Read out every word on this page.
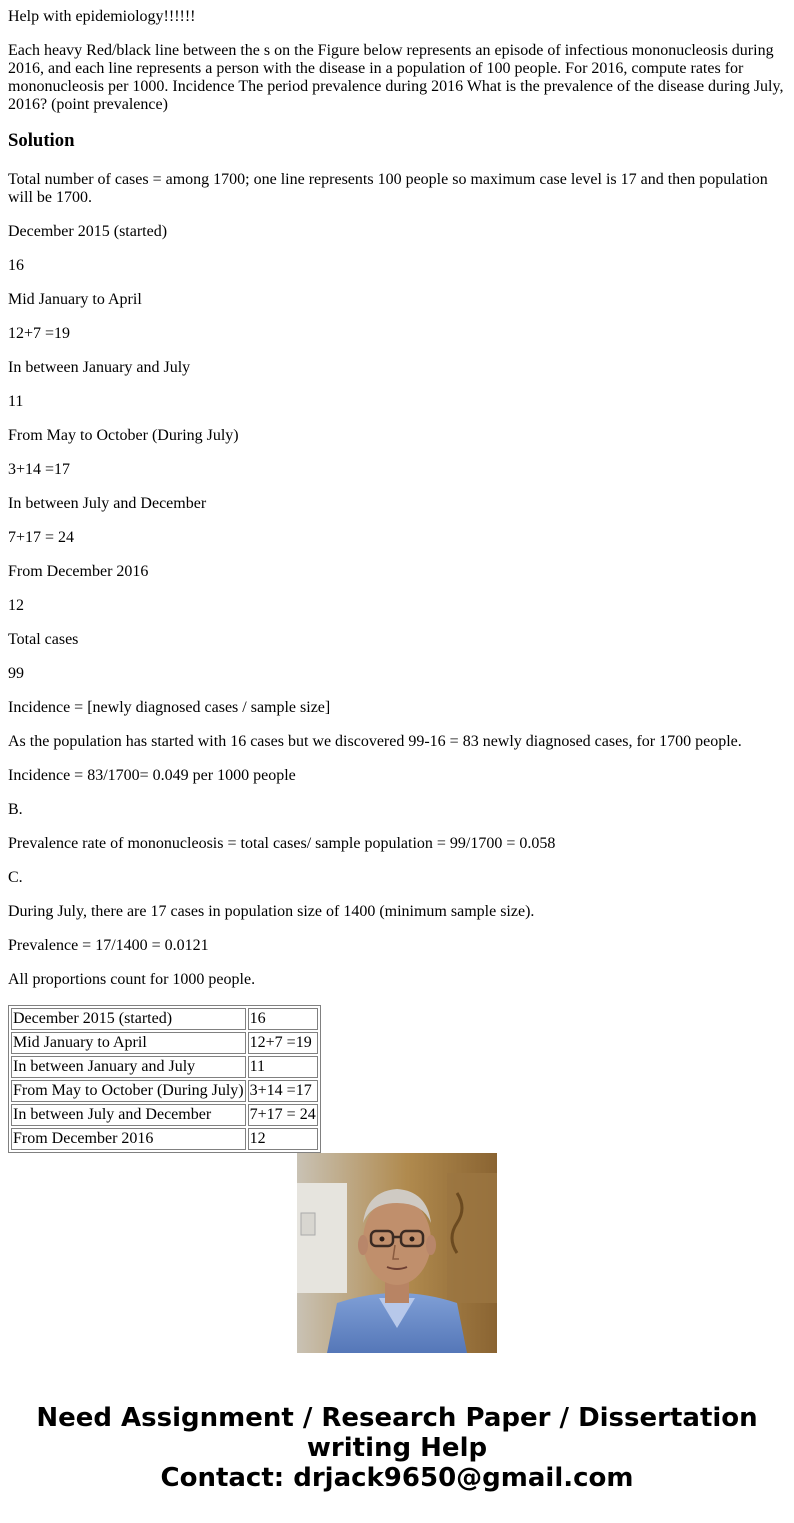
Help with epidemiology!!!!!!

Each heavy Red/black line between the s on the Figure below represents an episode of infectious mononucleosis during 2016, and each line represents a person with the disease in a population of 100 people. For 2016, compute rates for mononucleosis per 1000. Incidence The period prevalence during 2016 What is the prevalence of the disease during July, 2016? (point prevalence)

Solution

Total number of cases = among 1700; one line represents 100 people so maximum case level is 17 and then population will be 1700.

December 2015 (started)

16

Mid January to April

12+7 =19

In between January and July

11

From May to October (During July)

3+14 =17

In between July and December

7+17 = 24

From December 2016

12

Total cases

99

Incidence = [newly diagnosed cases / sample size]

As the population has started with 16 cases but we discovered 99-16 = 83 newly diagnosed cases, for 1700 people.

Incidence = 83/1700= 0.049 per 1000 people

B.

Prevalence rate of mononucleosis = total cases/ sample population = 99/1700 = 0.058

C.

During July, there are 17 cases in population size of 1400 (minimum sample size).

Prevalence = 17/1400 = 0.0121

All proportions count for 1000 people.

December 2015 (started)	16
Mid January to April	12+7 =19
In between January and July	11
From May to October (During July)	3+14 =17
In between July and December	7+17 = 24
From December 2016	12
Need Assignment / Research Paper / Dissertation
writing Help
Contact: drjack9650@gmail.com
